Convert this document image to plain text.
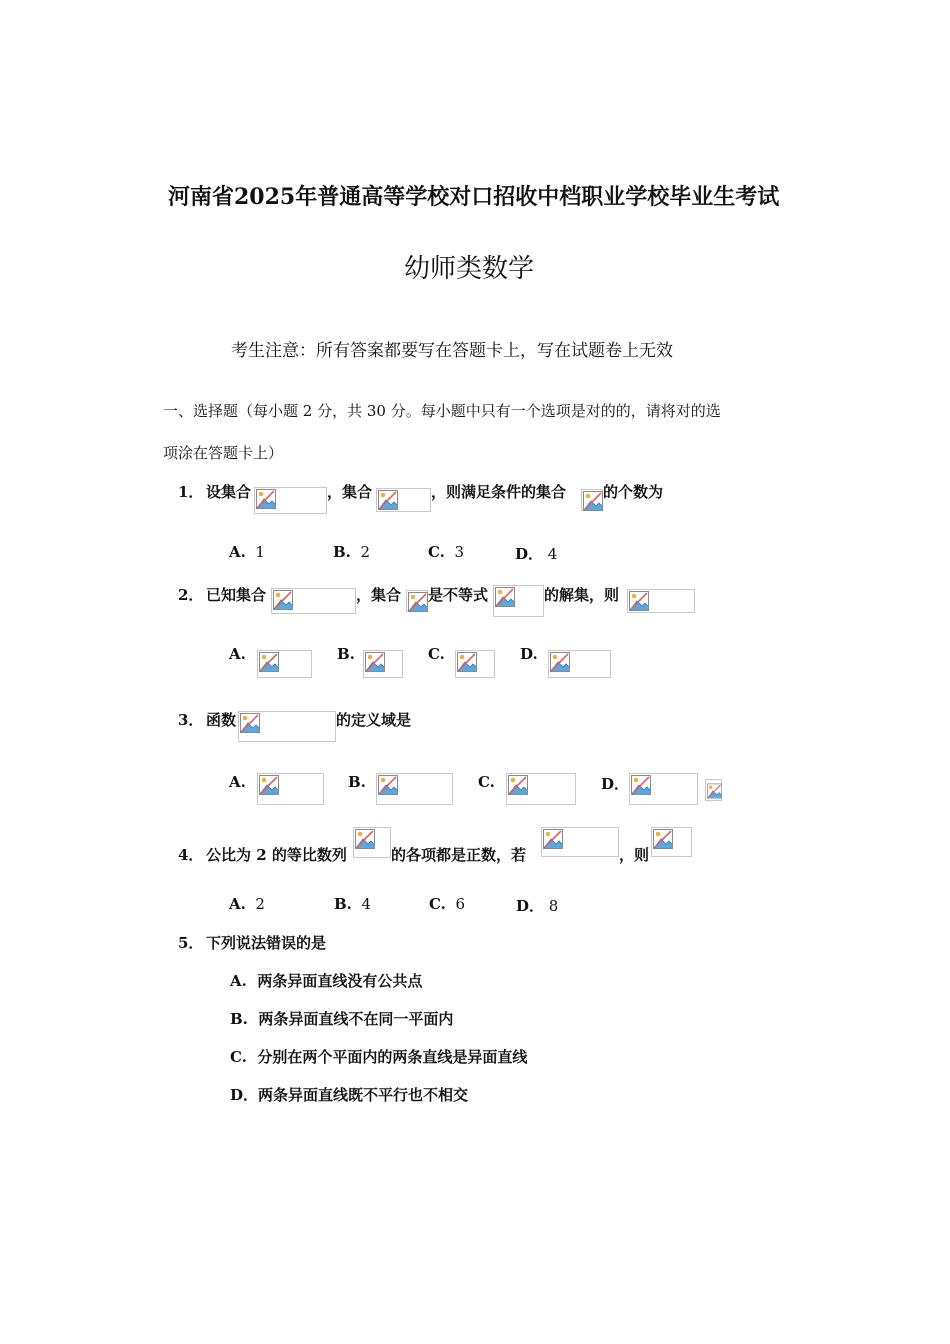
河南省2025年普通高等学校对口招收中档职业学校毕业生考试
幼师类数学
考生注意：所有答案都要写在答题卡上，写在试题卷上无效
一、选择题（每小题 2 分，共 30 分。每小题中只有一个选项是对的的，请将对的选
项涂在答题卡上）
1． 设集合	，集合	，则满足条件的集合 的个数为
A. 1	B. 2	C. 3	D． 4
2． 已知集合	，集合 是不等式	的解集，则
A.	B.	C.	D.
3． 函数	的定义域是
A.	B.	C.	D．
4． 公比为 2 的等比数列	的各项都是正数，若	，则
A. 2	B. 4	C. 6	D． 8
5． 下列说法错误的是
A. 两条异面直线没有公共点
B. 两条异面直线不在同一平面内
C. 分别在两个平面内的两条直线是异面直线
D．两条异面直线既不平行也不相交
